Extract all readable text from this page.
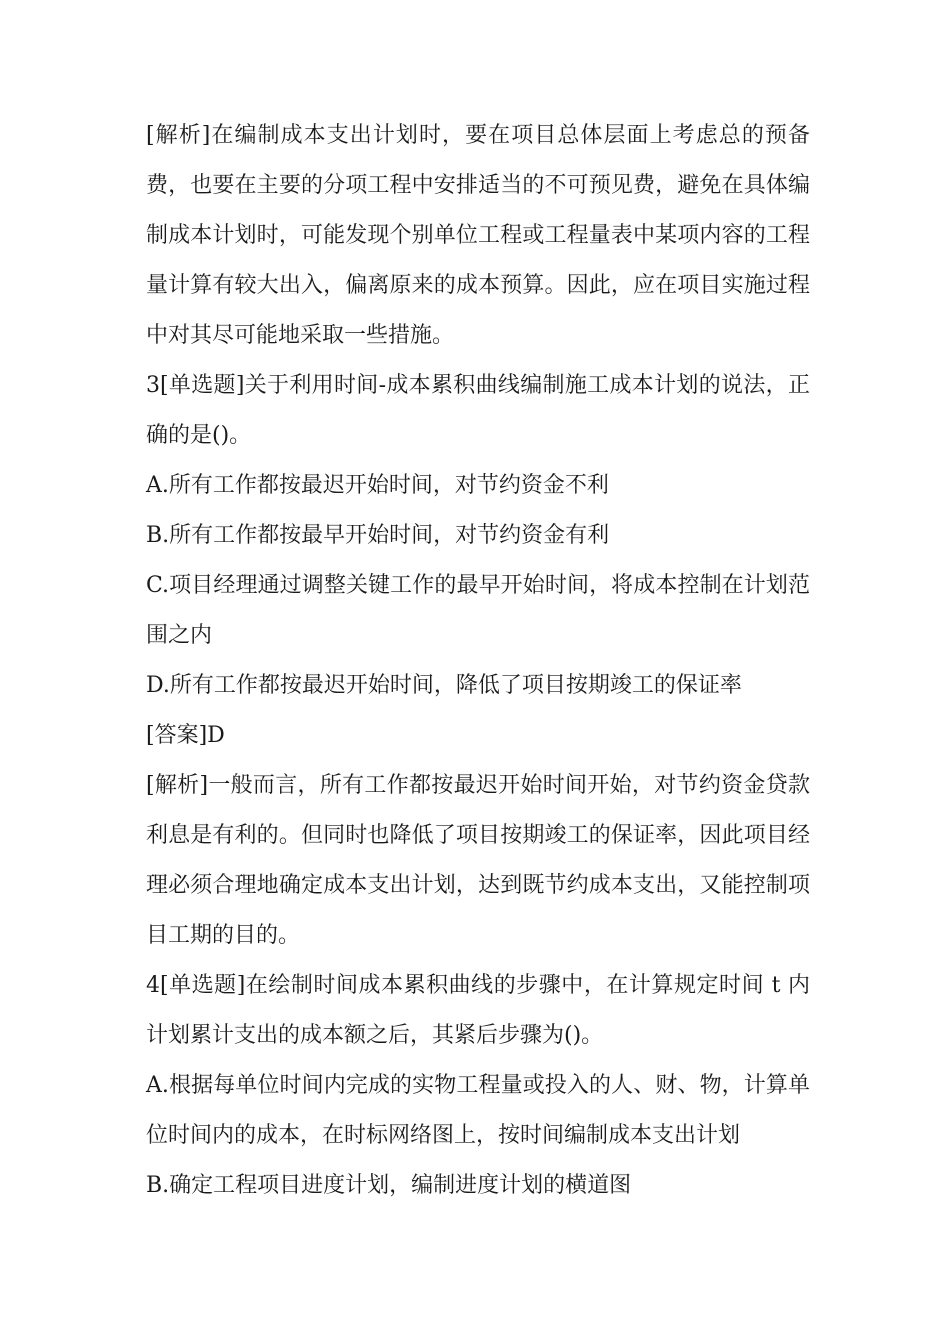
[解析]在编制成本支出计划时，要在项目总体层面上考虑总的预备费，也要在主要的分项工程中安排适当的不可预见费，避免在具体编制成本计划时，可能发现个别单位工程或工程量表中某项内容的工程量计算有较大出入，偏离原来的成本预算。因此，应在项目实施过程中对其尽可能地采取一些措施。

3[单选题]关于利用时间-成本累积曲线编制施工成本计划的说法，正确的是()。

A.所有工作都按最迟开始时间，对节约资金不利

B.所有工作都按最早开始时间，对节约资金有利

C.项目经理通过调整关键工作的最早开始时间，将成本控制在计划范围之内

D.所有工作都按最迟开始时间，降低了项目按期竣工的保证率

[答案]D

[解析]一般而言，所有工作都按最迟开始时间开始，对节约资金贷款利息是有利的。但同时也降低了项目按期竣工的保证率，因此项目经理必须合理地确定成本支出计划，达到既节约成本支出，又能控制项目工期的目的。

4[单选题]在绘制时间成本累积曲线的步骤中，在计算规定时间 t 内计划累计支出的成本额之后，其紧后步骤为()。

A.根据每单位时间内完成的实物工程量或投入的人、财、物，计算单位时间内的成本，在时标网络图上，按时间编制成本支出计划

B.确定工程项目进度计划，编制进度计划的横道图
